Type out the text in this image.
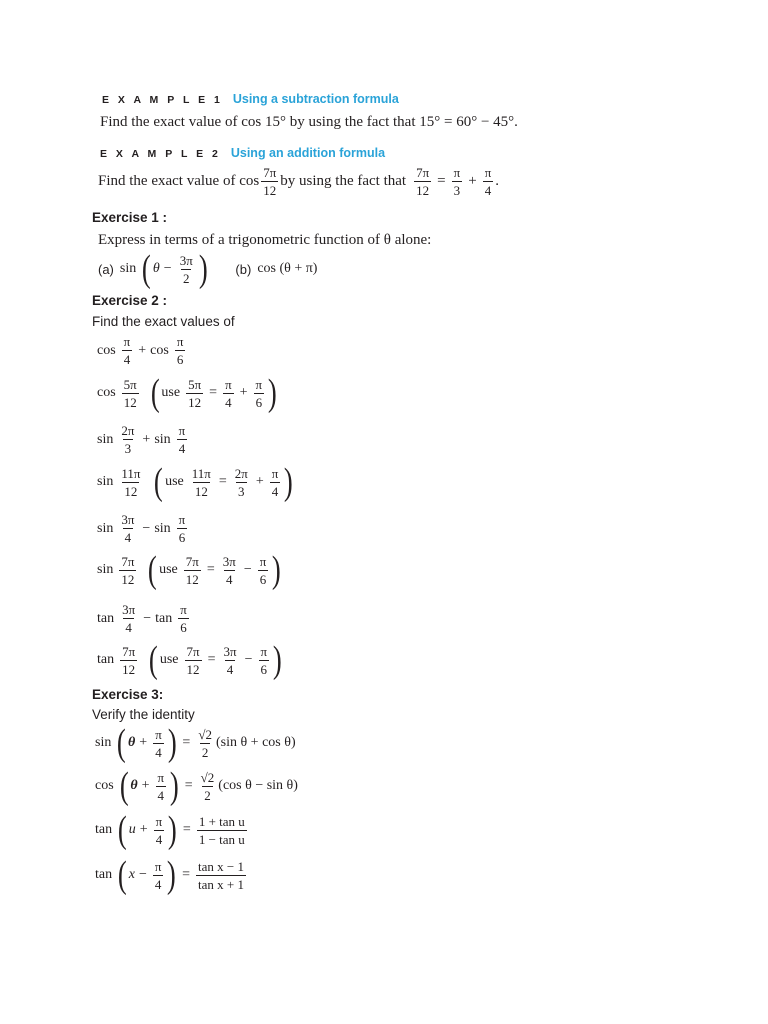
E X A M P L E 1 Using a subtraction formula
Find the exact value of cos 15° by using the fact that 15° = 60° − 45°.
E X A M P L E 2 Using an addition formula
Find the exact value of $\cos \frac{7\pi}{12}$ by using the fact that $\frac{7\pi}{12} = \frac{\pi}{3} + \frac{\pi}{4}$ .
Exercise 1 :
Express in terms of a trigonometric function of θ alone:
(a) sin ( $\theta - \frac{3\pi}{2}$ ) (b) cos (θ + π)
Exercise 2 :
Find the exact values of
$\cos \frac{\pi}{4} + \cos \frac{\pi}{6}$
$\cos \frac{5\pi}{12}$ ( use $\frac{5\pi}{12} = \frac{\pi}{4} + \frac{\pi}{6}$ )
$\sin \frac{2\pi}{3} + \sin \frac{\pi}{4}$
$\sin \frac{11\pi}{12}$ ( use $\frac{11\pi}{12} = \frac{2\pi}{3} + \frac{\pi}{4}$ )
$\sin \frac{3\pi}{4} - \sin \frac{\pi}{6}$
$\sin \frac{7\pi}{12}$ ( use $\frac{7\pi}{12} = \frac{3\pi}{4} - \frac{\pi}{6}$ )
$\tan \frac{3\pi}{4} - \tan \frac{\pi}{6}$
$\tan \frac{7\pi}{12}$ ( use $\frac{7\pi}{12} = \frac{3\pi}{4} - \frac{\pi}{6}$ )
Exercise 3:
Verify the identity
sin ( $\theta + \frac{\pi}{4}$ ) = $\frac{√2}{2} (\sin$ θ + cos θ)
cos ( $\theta + \frac{\pi}{4}$ ) = $\frac{√2}{2} (\cos$ θ − sin θ)
tan ( $u + \frac{\pi}{4}$ ) = $\frac{\text{1 + tan u}}{\text{1 − tan u}}$
tan ( $x - \frac{\pi}{4}$ ) = $\frac{\text{tan x − 1}}{\text{tan x + 1}}$
